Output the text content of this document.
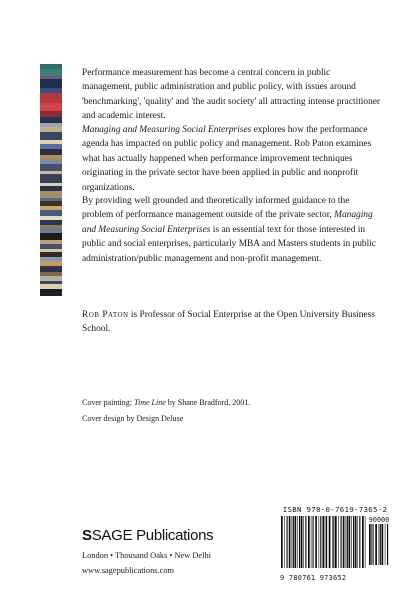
Performance measurement has become a central concern in public management, public administration and public policy, with issues around 'benchmarking', 'quality' and 'the audit society' all attracting intense practitioner and academic interest.

Managing and Measuring Social Enterprises explores how the performance agenda has impacted on public policy and management. Rob Paton examines what has actually happened when performance improvement techniques originating in the private sector have been applied in public and nonprofit organizations.

By providing well grounded and theoretically informed guidance to the problem of performance management outside of the private sector, Managing and Measuring Social Enterprises is an essential text for those interested in public and social enterprises, particularly MBA and Masters students in public administration/public management and non-profit management.

Rob Paton is Professor of Social Enterprise at the Open University Business School.
Cover painting: Time Line by Shane Bradford, 2001.
Cover design by Design Deluse
SSAGE Publications
London • Thousand Oaks • New Delhi
www.sagepublications.com
ISBN 978-0-7619-7365-2
9 780761 973652
90000
